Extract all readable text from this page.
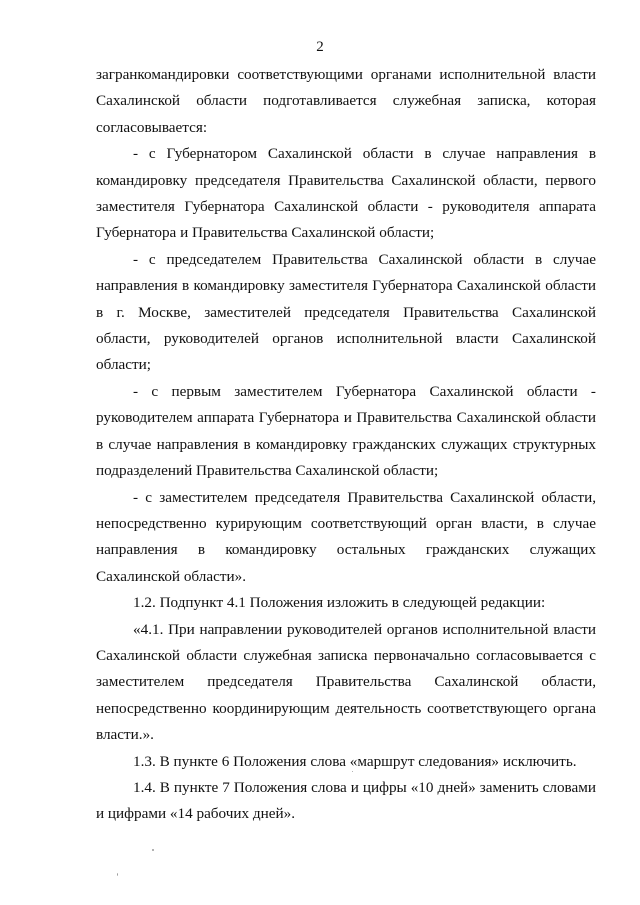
2

загранкомандировки соответствующими органами исполнительной власти Сахалинской области подготавливается служебная записка, которая согласовывается:

- с Губернатором Сахалинской области в случае направления в командировку председателя Правительства Сахалинской области, первого заместителя Губернатора Сахалинской области - руководителя аппарата Губернатора и Правительства Сахалинской области;

- с председателем Правительства Сахалинской области в случае направления в командировку заместителя Губернатора Сахалинской области в г. Москве, заместителей председателя Правительства Сахалинской области, руководителей органов исполнительной власти Сахалинской области;

- с первым заместителем Губернатора Сахалинской области - руководителем аппарата Губернатора и Правительства Сахалинской области в случае направления в командировку гражданских служащих структурных подразделений Правительства Сахалинской области;

- с заместителем председателя Правительства Сахалинской области, непосредственно курирующим соответствующий орган власти, в случае направления в командировку остальных гражданских служащих Сахалинской области».

1.2. Подпункт 4.1 Положения изложить в следующей редакции:

«4.1. При направлении руководителей органов исполнительной власти Сахалинской области служебная записка первоначально согласовывается с заместителем председателя Правительства Сахалинской области, непосредственно координирующим деятельность соответствующего органа власти.».

1.3. В пункте 6 Положения слова «маршрут следования» исключить.

1.4. В пункте 7 Положения слова и цифры «10 дней» заменить словами и цифрами «14 рабочих дней».
